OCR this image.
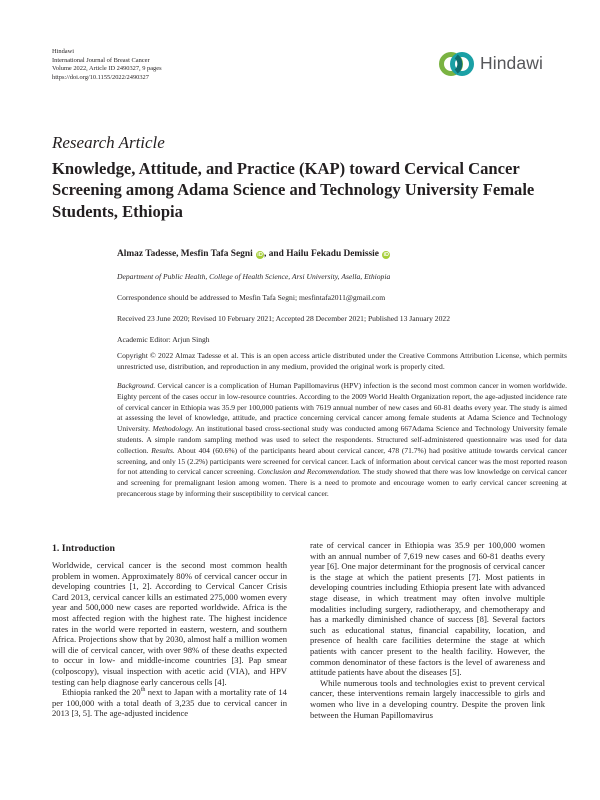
Hindawi
International Journal of Breast Cancer
Volume 2022, Article ID 2490327, 9 pages
https://doi.org/10.1155/2022/2490327
Hindawi
Research Article
Knowledge, Attitude, and Practice (KAP) toward Cervical Cancer Screening among Adama Science and Technology University Female Students, Ethiopia
Almaz Tadesse, Mesfin Tafa Segni iD, and Hailu Fekadu Demissie iD
Department of Public Health, College of Health Science, Arsi University, Asella, Ethiopia
Correspondence should be addressed to Mesfin Tafa Segni; mesfintafa2011@gmail.com
Received 23 June 2020; Revised 10 February 2021; Accepted 28 December 2021; Published 13 January 2022
Academic Editor: Arjun Singh
Copyright © 2022 Almaz Tadesse et al. This is an open access article distributed under the Creative Commons Attribution License, which permits unrestricted use, distribution, and reproduction in any medium, provided the original work is properly cited.
Background. Cervical cancer is a complication of Human Papillomavirus (HPV) infection is the second most common cancer in women worldwide. Eighty percent of the cases occur in low-resource countries. According to the 2009 World Health Organization report, the age-adjusted incidence rate of cervical cancer in Ethiopia was 35.9 per 100,000 patients with 7619 annual number of new cases and 60-81 deaths every year. The study is aimed at assessing the level of knowledge, attitude, and practice concerning cervical cancer among female students at Adama Science and Technology University. Methodology. An institutional based cross-sectional study was conducted among 667Adama Science and Technology University female students. A simple random sampling method was used to select the respondents. Structured self-administered questionnaire was used for data collection. Results. About 404 (60.6%) of the participants heard about cervical cancer, 478 (71.7%) had positive attitude towards cervical cancer screening, and only 15 (2.2%) participants were screened for cervical cancer. Lack of information about cervical cancer was the most reported reason for not attending to cervical cancer screening. Conclusion and Recommendation. The study showed that there was low knowledge on cervical cancer and screening for premalignant lesion among women. There is a need to promote and encourage women to early cervical cancer screening at precancerous stage by informing their susceptibility to cervical cancer.
1. Introduction

Worldwide, cervical cancer is the second most common health problem in women. Approximately 80% of cervical cancer occur in developing countries [1, 2]. According to Cervical Cancer Crisis Card 2013, cervical cancer kills an estimated 275,000 women every year and 500,000 new cases are reported worldwide. Africa is the most affected region with the highest rate. The highest incidence rates in the world were reported in eastern, western, and southern Africa. Projections show that by 2030, almost half a million women will die of cervical cancer, with over 98% of these deaths expected to occur in low- and middle-income countries [3]. Pap smear (colposcopy), visual inspection with acetic acid (VIA), and HPV testing can help diagnose early cancerous cells [4].

Ethiopia ranked the 20th next to Japan with a mortality rate of 14 per 100,000 with a total death of 3,235 due to cervical cancer in 2013 [3, 5]. The age-adjusted incidence

rate of cervical cancer in Ethiopia was 35.9 per 100,000 women with an annual number of 7,619 new cases and 60-81 deaths every year [6]. One major determinant for the prognosis of cervical cancer is the stage at which the patient presents [7]. Most patients in developing countries including Ethiopia present late with advanced stage disease, in which treatment may often involve multiple modalities including surgery, radiotherapy, and chemotherapy and has a markedly diminished chance of success [8]. Several factors such as educational status, financial capability, location, and presence of health care facilities determine the stage at which patients with cancer present to the health facility. However, the common denominator of these factors is the level of awareness and attitude patients have about the diseases [5].

While numerous tools and technologies exist to prevent cervical cancer, these interventions remain largely inaccessible to girls and women who live in a developing country. Despite the proven link between the Human Papillomavirus
